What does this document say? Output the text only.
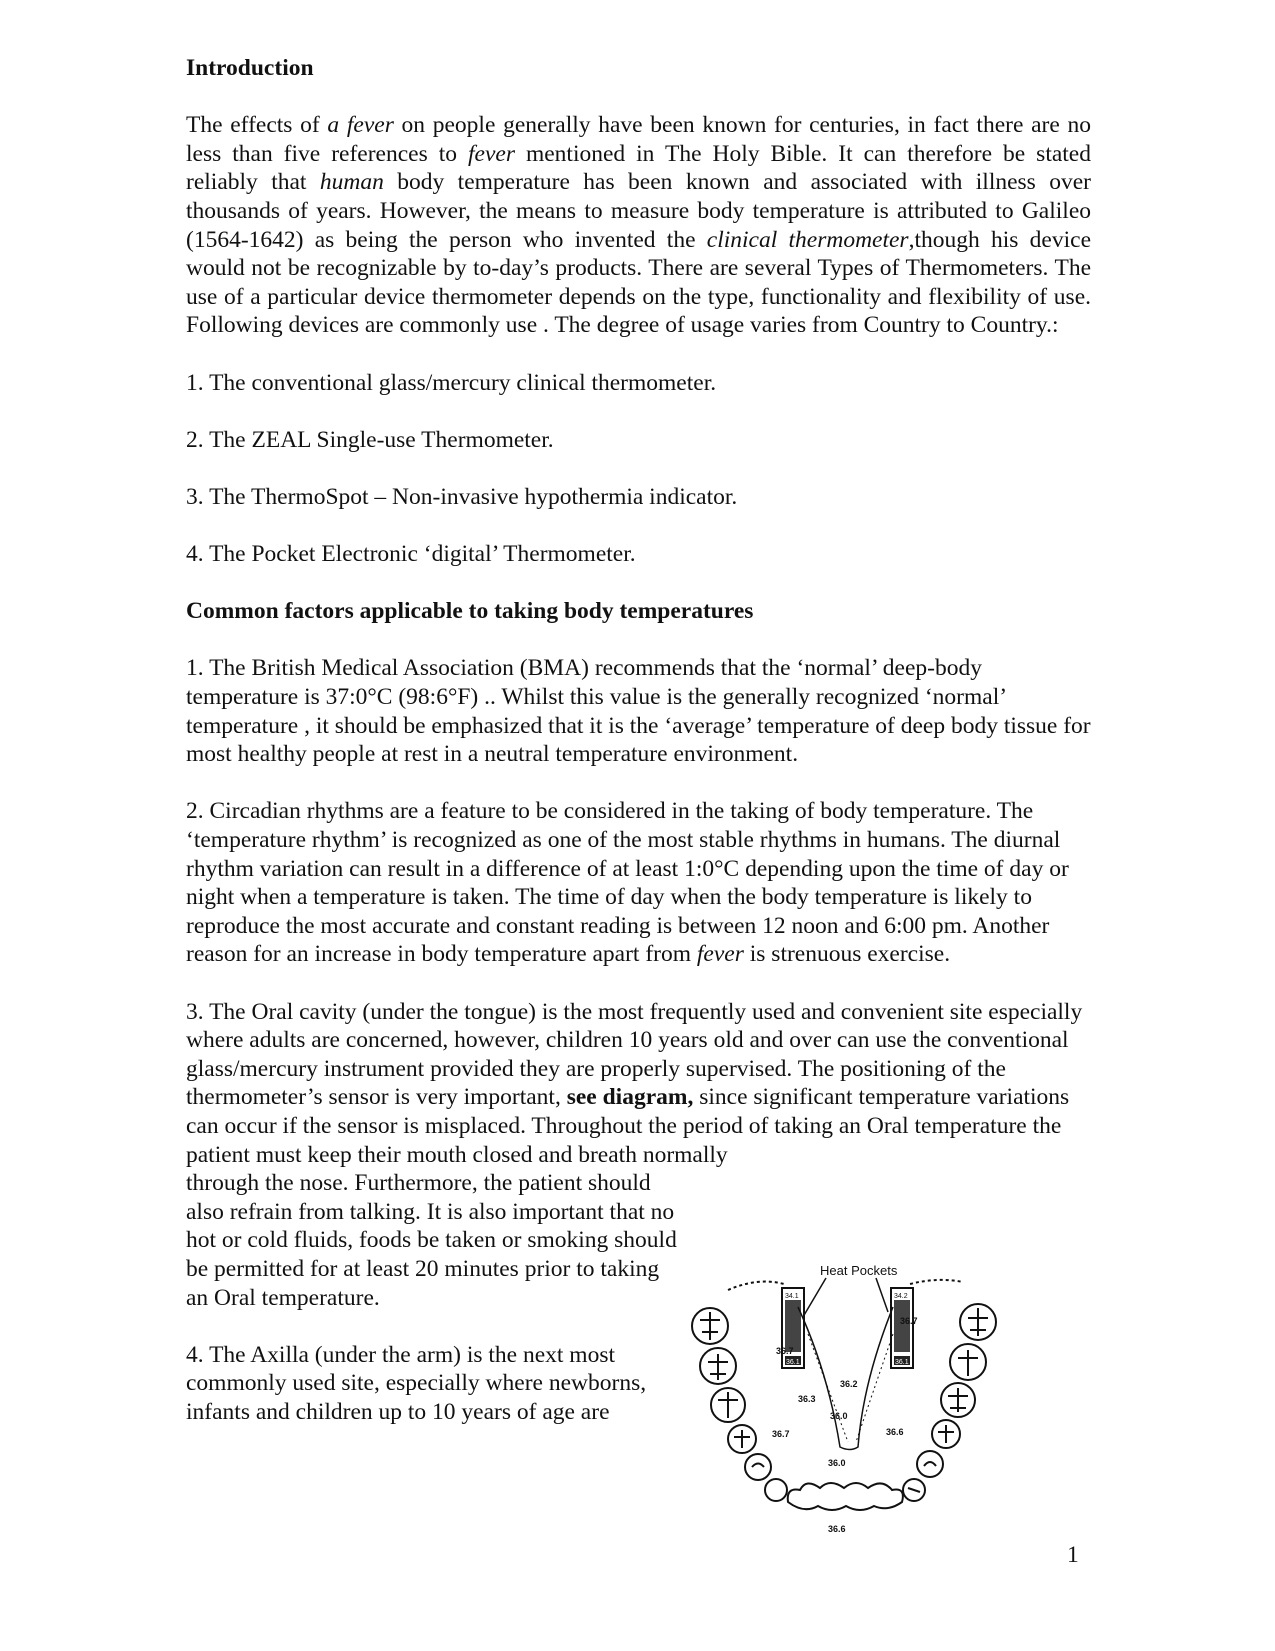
Introduction

The effects of a fever on people generally have been known for centuries, in fact there are no less than five references to fever mentioned in The Holy Bible. It can therefore be stated reliably that human body temperature has been known and associated with illness over thousands of years. However, the means to measure body temperature is attributed to Galileo (1564-1642) as being the person who invented the clinical thermometer,though his device would not be recognizable by to-day’s products. There are several Types of Thermometers. The use of a particular device thermometer depends on the type, functionality and flexibility of use. Following devices are commonly use . The degree of usage varies from Country to Country.:

1. The conventional glass/mercury clinical thermometer.

2. The ZEAL Single-use Thermometer.

3. The ThermoSpot – Non-invasive hypothermia indicator.

4. The Pocket Electronic ‘digital’ Thermometer.

Common factors applicable to taking body temperatures

1. The British Medical Association (BMA) recommends that the ‘normal’ deep-body temperature is 37:0°C (98:6°F) .. Whilst this value is the generally recognized ‘normal’ temperature , it should be emphasized that it is the ‘average’ temperature of deep body tissue for most healthy people at rest in a neutral temperature environment.

2. Circadian rhythms are a feature to be considered in the taking of body temperature. The ‘temperature rhythm’ is recognized as one of the most stable rhythms in humans. The diurnal rhythm variation can result in a difference of at least 1:0°C depending upon the time of day or night when a temperature is taken. The time of day when the body temperature is likely to reproduce the most accurate and constant reading is between 12 noon and 6:00 pm. Another reason for an increase in body temperature apart from fever is strenuous exercise.

3. The Oral cavity (under the tongue) is the most frequently used and convenient site especially where adults are concerned, however, children 10 years old and over can use the conventional glass/mercury instrument provided they are properly supervised. The positioning of the thermometer’s sensor is very important, see diagram, since significant temperature variations can occur if the sensor is misplaced. Throughout the period of taking an Oral temperature the patient must keep their mouth closed and breath normally

through the nose. Furthermore, the patient should also refrain from talking. It is also important that no hot or cold fluids, foods be taken or smoking should be permitted for at least 20 minutes prior to taking an Oral temperature.

4. The Axilla (under the arm) is the next most commonly used site, especially where newborns, infants and children up to 10 years of age are

Heat Pockets
34.1
36.1
34.2
36.1
36.7
36.7
36.3
36.2
36.0
36.7	36.6
36.0
36.6
1
